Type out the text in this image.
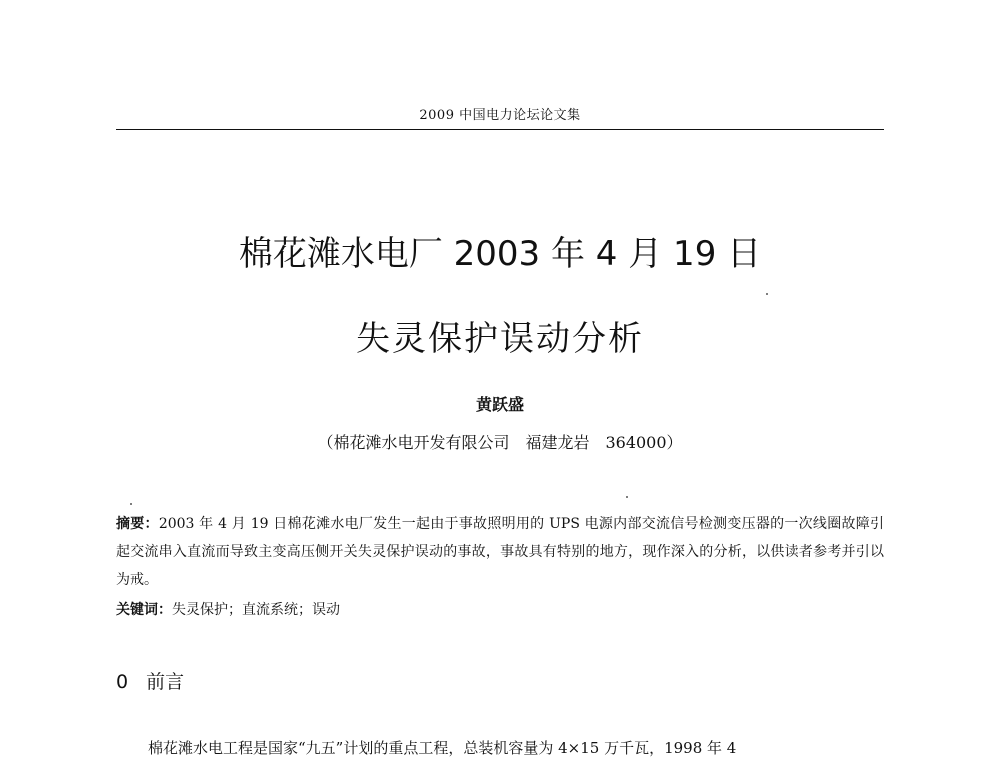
2009 中国电力论坛论文集
棉花滩水电厂 2003 年 4 月 19 日
失灵保护误动分析
黄跃盛
（棉花滩水电开发有限公司　福建龙岩　364000）

摘要：2003 年 4 月 19 日棉花滩水电厂发生一起由于事故照明用的 UPS 电源内部交流信号检测变压器的一次线圈故障引起交流串入直流而导致主变高压侧开关失灵保护误动的事故，事故具有特别的地方，现作深入的分析，以供读者参考并引以为戒。

关键词：失灵保护；直流系统；误动

0 前言

棉花滩水电工程是国家“九五”计划的重点工程，总装机容量为 4×15 万千瓦，1998 年 4
